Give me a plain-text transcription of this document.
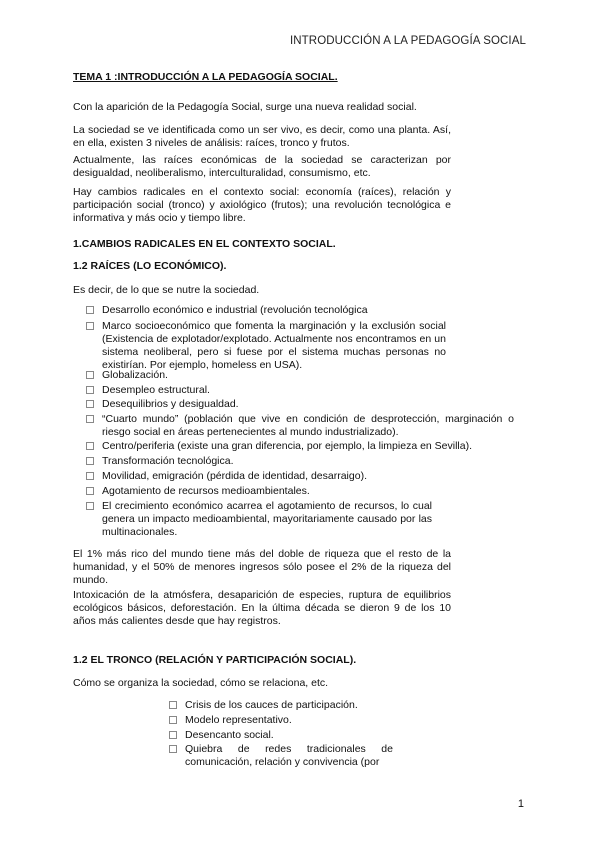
INTRODUCCIÓN A LA PEDAGOGÍA SOCIAL
TEMA 1 :INTRODUCCIÓN A LA PEDAGOGÍA SOCIAL.
Con la aparición de la Pedagogía Social, surge una nueva realidad social.
La sociedad se ve identificada como un ser vivo, es decir, como una planta. Así, en ella, existen 3 niveles de análisis: raíces, tronco y frutos.
Actualmente, las raíces económicas de la sociedad se caracterizan por desigualdad, neoliberalismo, interculturalidad, consumismo, etc.
Hay cambios radicales en el contexto social: economía (raíces), relación y participación social (tronco) y axiológico (frutos); una revolución tecnológica e informativa y más ocio y tiempo libre.
1.CAMBIOS RADICALES EN EL CONTEXTO SOCIAL.
1.2 RAÍCES (LO ECONÓMICO).
Es decir, de lo que se nutre la sociedad.
Desarrollo económico e industrial (revolución tecnológica
Marco socioeconómico que fomenta la marginación y la exclusión social (Existencia de explotador/explotado. Actualmente nos encontramos en un sistema neoliberal, pero si fuese por el sistema muchas personas no existirían. Por ejemplo, homeless en USA).
Globalización.
Desempleo estructural.
Desequilibrios y desigualdad.
“Cuarto mundo” (población que vive en condición de desprotección, marginación o riesgo social en áreas pertenecientes al mundo industrializado).
Centro/periferia (existe una gran diferencia, por ejemplo, la limpieza en Sevilla).
Transformación tecnológica.
Movilidad, emigración (pérdida de identidad, desarraigo).
Agotamiento de recursos medioambientales.
El crecimiento económico acarrea el agotamiento de recursos, lo cual genera un impacto medioambiental, mayoritariamente causado por las multinacionales.
El 1% más rico del mundo tiene más del doble de riqueza que el resto de la humanidad, y el 50% de menores ingresos sólo posee el 2% de la riqueza del mundo.
Intoxicación de la atmósfera, desaparición de especies, ruptura de equilibrios ecológicos básicos, deforestación. En la última década se dieron 9 de los 10 años más calientes desde que hay registros.
1.2 EL TRONCO (RELACIÓN Y PARTICIPACIÓN SOCIAL).
Cómo se organiza la sociedad, cómo se relaciona, etc.
Crisis de los cauces de participación.
Modelo representativo.
Desencanto social.
Quiebra de redes tradicionales de comunicación, relación y convivencia (por
1
